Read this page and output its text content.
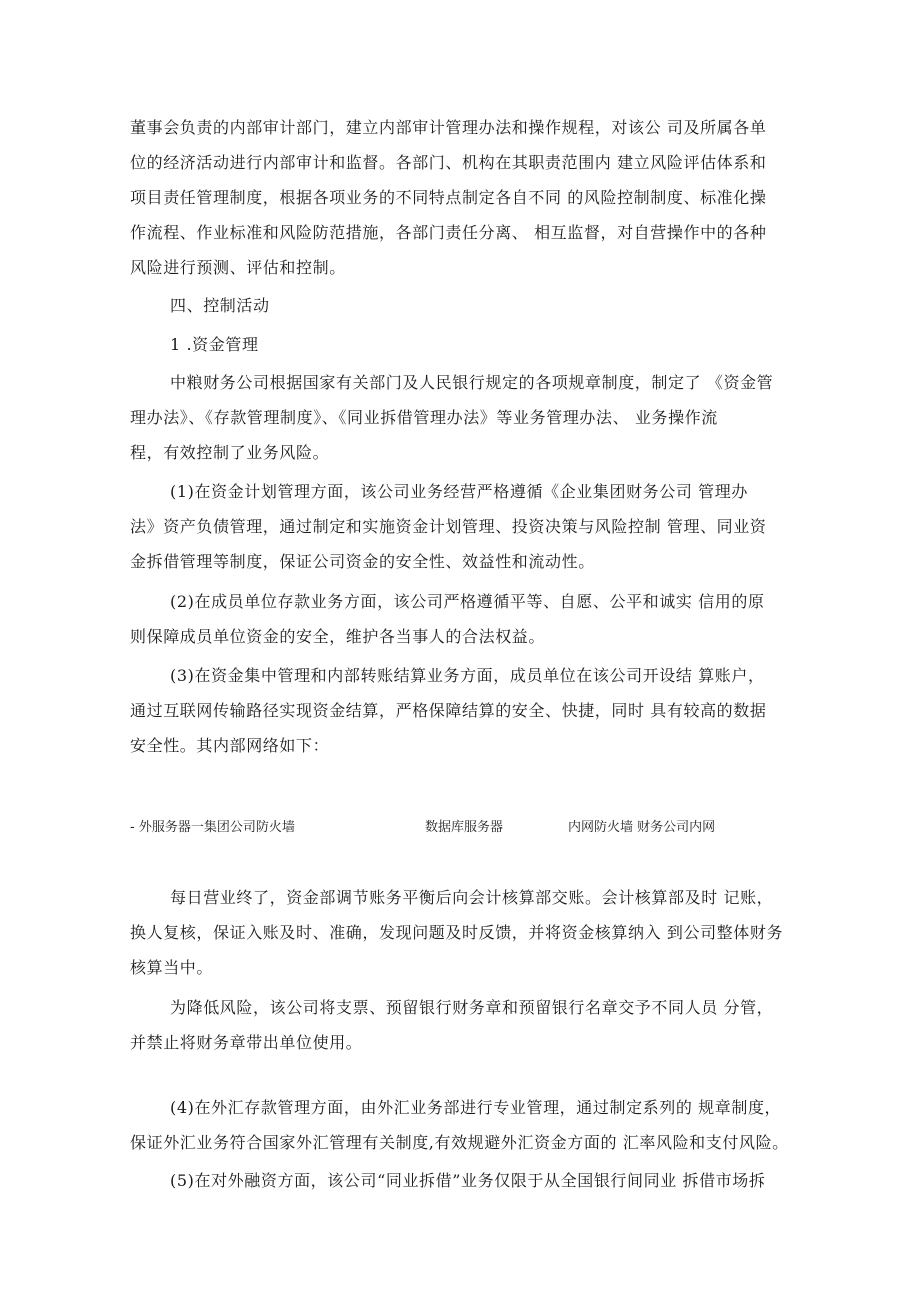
董事会负责的内部审计部门，建立内部审计管理办法和操作规程，对该公 司及所属各单
位的经济活动进行内部审计和监督。各部门、机构在其职责范围内 建立风险评估体系和
项目责任管理制度，根据各项业务的不同特点制定各自不同 的风险控制制度、标准化操
作流程、作业标准和风险防范措施，各部门责任分离、 相互监督，对自营操作中的各种
风险进行预测、评估和控制。
四、控制活动
1 .资金管理
中粮财务公司根据国家有关部门及人民银行规定的各项规章制度，制定了 《资金管
理办法》、《存款管理制度》、《同业拆借管理办法》等业务管理办法、 业务操作流
程，有效控制了业务风险。
(1)在资金计划管理方面，该公司业务经营严格遵循《企业集团财务公司 管理办
法》资产负债管理，通过制定和实施资金计划管理、投资决策与风险控制 管理、同业资
金拆借管理等制度，保证公司资金的安全性、效益性和流动性。
(2)在成员单位存款业务方面，该公司严格遵循平等、自愿、公平和诚实 信用的原
则保障成员单位资金的安全，维护各当事人的合法权益。
(3)在资金集中管理和内部转账结算业务方面，成员单位在该公司开设结 算账户，
通过互联网传输路径实现资金结算，严格保障结算的安全、快捷，同时 具有较高的数据
安全性。其内部网络如下：
- 外服务器一集团公司防火墙	数据库服务器	内网防火墙 财务公司内网
每日营业终了，资金部调节账务平衡后向会计核算部交账。会计核算部及时 记账，
换人复核，保证入账及时、准确，发现问题及时反馈，并将资金核算纳入 到公司整体财务
核算当中。
为降低风险，该公司将支票、预留银行财务章和预留银行名章交予不同人员 分管，
并禁止将财务章带出单位使用。
(4)在外汇存款管理方面，由外汇业务部进行专业管理，通过制定系列的 规章制度，
保证外汇业务符合国家外汇管理有关制度,有效规避外汇资金方面的 汇率风险和支付风险。
(5)在对外融资方面，该公司“同业拆借”业务仅限于从全国银行间同业 拆借市场拆
